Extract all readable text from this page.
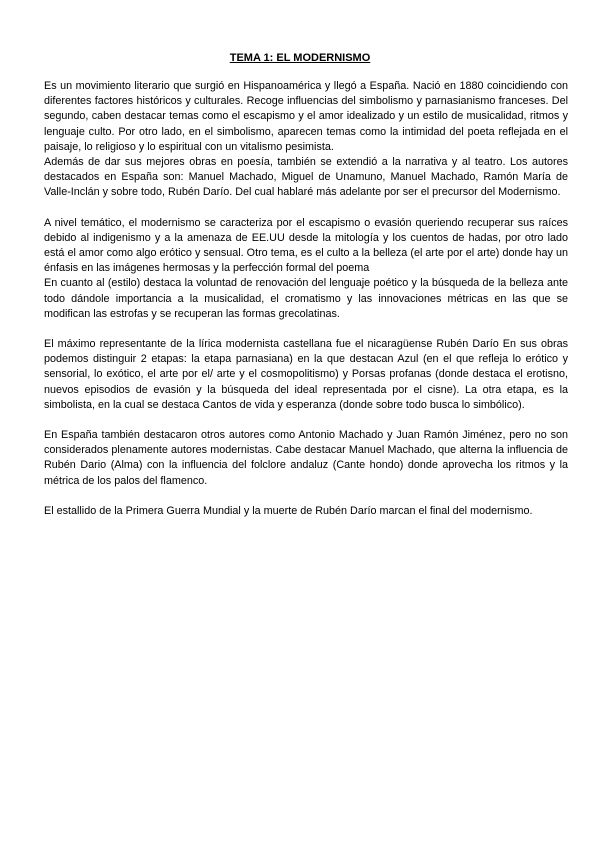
TEMA 1: EL MODERNISMO

Es un movimiento literario que surgió en Hispanoamérica y llegó a España. Nació en 1880 coincidiendo con diferentes factores históricos y culturales. Recoge influencias del simbolismo y parnasianismo franceses. Del segundo, caben destacar temas como el escapismo y el amor idealizado y un estilo de musicalidad, ritmos y lenguaje culto. Por otro lado, en el simbolismo, aparecen temas como la intimidad del poeta reflejada en el paisaje, lo religioso y lo espiritual con un vitalismo pesimista.

Además de dar sus mejores obras en poesía, también se extendió a la narrativa y al teatro. Los autores destacados en España son: Manuel Machado, Miguel de Unamuno, Manuel Machado, Ramón María de Valle-Inclán y sobre todo, Rubén Darío. Del cual hablaré más adelante por ser el precursor del Modernismo.

A nivel temático, el modernismo se caracteriza por el escapismo o evasión queriendo recuperar sus raíces debido al indigenismo y a la amenaza de EE.UU desde la mitología y los cuentos de hadas, por otro lado está el amor como algo erótico y sensual. Otro tema, es el culto a la belleza (el arte por el arte) donde hay un énfasis en las imágenes hermosas y la perfección formal del poema

En cuanto al (estilo) destaca la voluntad de renovación del lenguaje poético y la búsqueda de la belleza ante todo dándole importancia a la musicalidad, el cromatismo y las innovaciones métricas en las que se modifican las estrofas y se recuperan las formas grecolatinas.

El máximo representante de la lírica modernista castellana fue el nicaragüense Rubén Darío En sus obras podemos distinguir 2 etapas: la etapa parnasiana) en la que destacan Azul (en el que refleja lo erótico y sensorial, lo exótico, el arte por el/ arte y el cosmopolitismo) y Porsas profanas (donde destaca el erotisno, nuevos episodios de evasión y la búsqueda del ideal representada por el cisne). La otra etapa, es la simbolista, en la cual se destaca Cantos de vida y esperanza (donde sobre todo busca lo simbólico).

En España también destacaron otros autores como Antonio Machado y Juan Ramón Jiménez, pero no son considerados plenamente autores modernistas. Cabe destacar Manuel Machado, que alterna la influencia de Rubén Dario (Alma) con la influencia del folclore andaluz (Cante hondo) donde aprovecha los ritmos y la métrica de los palos del flamenco.

El estallido de la Primera Guerra Mundial y la muerte de Rubén Darío marcan el final del modernismo.
